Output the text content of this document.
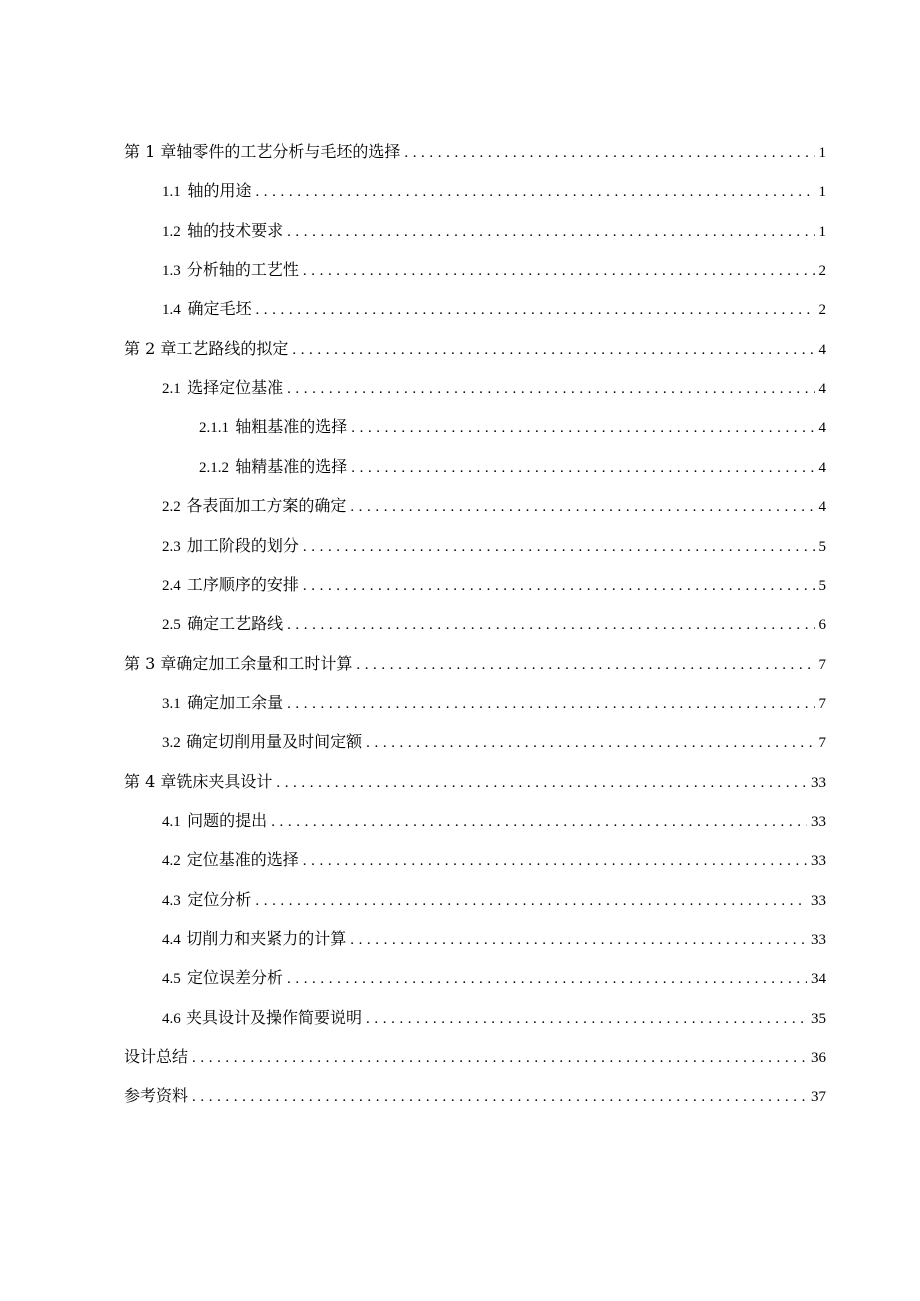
第 1 章轴零件的工艺分析与毛坯的选择 .....	1
1.1 轴的用途 .....	1
1.2 轴的技术要求 .....	1
1.3 分析轴的工艺性 .....	2
1.4 确定毛坯 .....	2
第 2 章工艺路线的拟定 .....	4
2.1 选择定位基准 .....	4
2.1.1 轴粗基准的选择 .....	4
2.1.2 轴精基准的选择 .....	4
2.2 各表面加工方案的确定 .....	4
2.3 加工阶段的划分 .....	5
2.4 工序顺序的安排 .....	5
2.5 确定工艺路线 .....	6
第 3 章确定加工余量和工时计算 .....	7
3.1 确定加工余量 .....	7
3.2 确定切削用量及时间定额 .....	7
第 4 章铣床夹具设计 .....	33
4.1 问题的提出 .....	33
4.2 定位基准的选择 .....	33
4.3 定位分析 .....	33
4.4 切削力和夹紧力的计算 .....	33
4.5 定位误差分析 .....	34
4.6 夹具设计及操作简要说明 .....	35
设计总结 .....	36
参考资料 .....	37
